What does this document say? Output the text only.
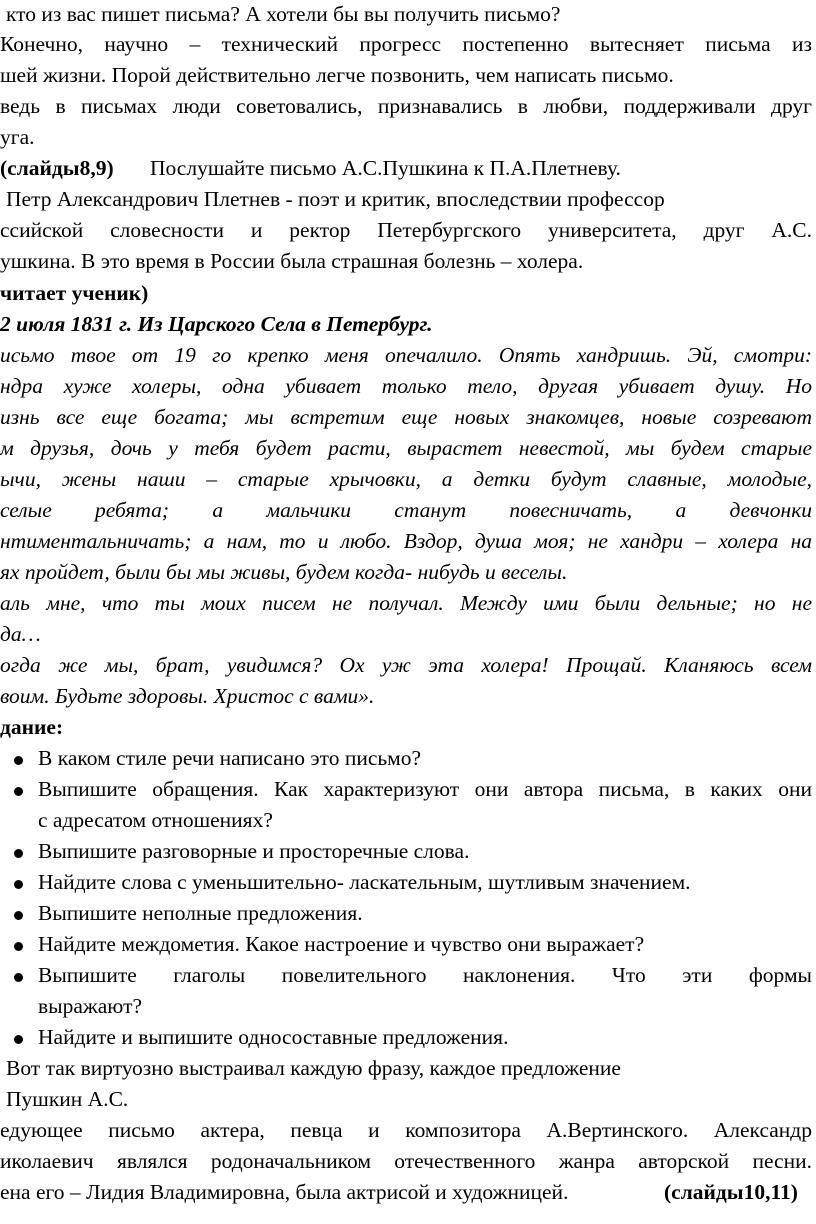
кто из вас пишет письма? А хотели бы вы получить письмо?
Конечно, научно – технический прогресс постепенно вытесняет письма из
шей жизни. Порой действительно легче позвонить, чем написать письмо.
ведь в письмах люди советовались, признавались в любви, поддерживали друг
уга.
(слайды8,9) Послушайте письмо А.С.Пушкина к П.А.Плетневу.
Петр Александрович Плетнев - поэт и критик, впоследствии профессор
ссийской словесности и ректор Петербургского университета, друг А.С.
ушкина. В это время в России была страшная болезнь – холера.
читает ученик)
2 июля 1831 г. Из Царского Села в Петербург.
исьмо твое от 19 го крепко меня опечалило. Опять хандришь. Эй, смотри:
ндра хуже холеры, одна убивает только тело, другая убивает душу. Но
изнь все еще богата; мы встретим еще новых знакомцев, новые созревают
м друзья, дочь у тебя будет расти, вырастет невестой, мы будем старые
ычи, жены наши – старые хрычовки, а детки будут славные, молодые,
селые ребята; а мальчики станут повесничать, а девчонки
нтиментальничать; а нам, то и любо. Вздор, душа моя; не хандри – холера на
ях пройдет, были бы мы живы, будем когда- нибудь и веселы.
аль мне, что ты моих писем не получал. Между ими были дельные; но не
да…
огда же мы, брат, увидимся? Ох уж эта холера! Прощай. Кланяюсь всем
воим. Будьте здоровы. Христос с вами».
дание:
В каком стиле речи написано это письмо?
Выпишите обращения. Как характеризуют они автора письма, в каких они
с адресатом отношениях?
Выпишите разговорные и просторечные слова.
Найдите слова с уменьшительно- ласкательным, шутливым значением.
Выпишите неполные предложения.
Найдите междометия. Какое настроение и чувство они выражает?
Выпишите глаголы повелительного наклонения. Что эти формы
выражают?
Найдите и выпишите односоставные предложения.
Вот так виртуозно выстраивал каждую фразу, каждое предложение
Пушкин А.С.
едующее письмо актера, певца и композитора А.Вертинского. Александр
иколаевич являлся родоначальником отечественного жанра авторской песни.
ена его – Лидия Владимировна, была актрисой и художницей.	(слайды10,11)
